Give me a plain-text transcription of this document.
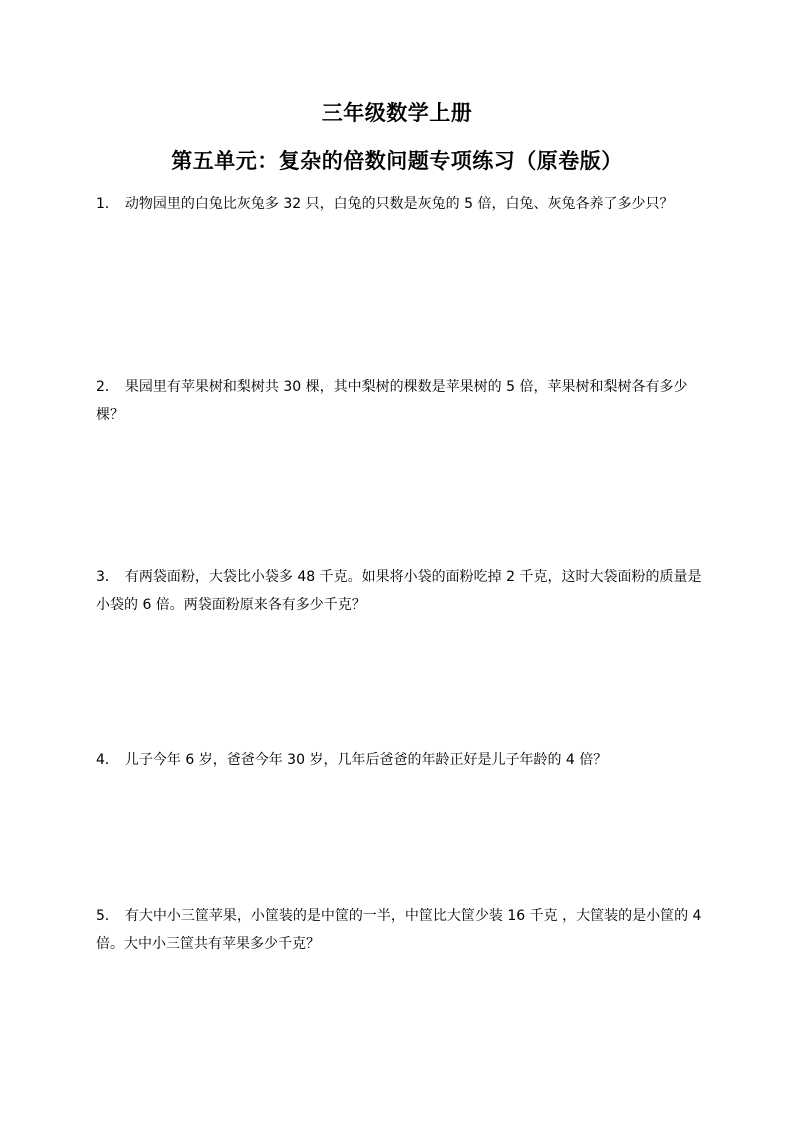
三年级数学上册
第五单元：复杂的倍数问题专项练习（原卷版）
1． 动物园里的白兔比灰兔多 32 只，白兔的只数是灰兔的 5 倍，白兔、灰兔各养了多少只？
2． 果园里有苹果树和梨树共 30 棵，其中梨树的棵数是苹果树的 5 倍，苹果树和梨树各有多少棵？
3． 有两袋面粉，大袋比小袋多 48 千克。如果将小袋的面粉吃掉 2 千克，这时大袋面粉的质量是小袋的 6 倍。两袋面粉原来各有多少千克？
4． 儿子今年 6 岁，爸爸今年 30 岁，几年后爸爸的年龄正好是儿子年龄的 4 倍？
5． 有大中小三筐苹果，小筐装的是中筐的一半，中筐比大筐少装 16 千克 ，大筐装的是小筐的 4 倍。大中小三筐共有苹果多少千克？
